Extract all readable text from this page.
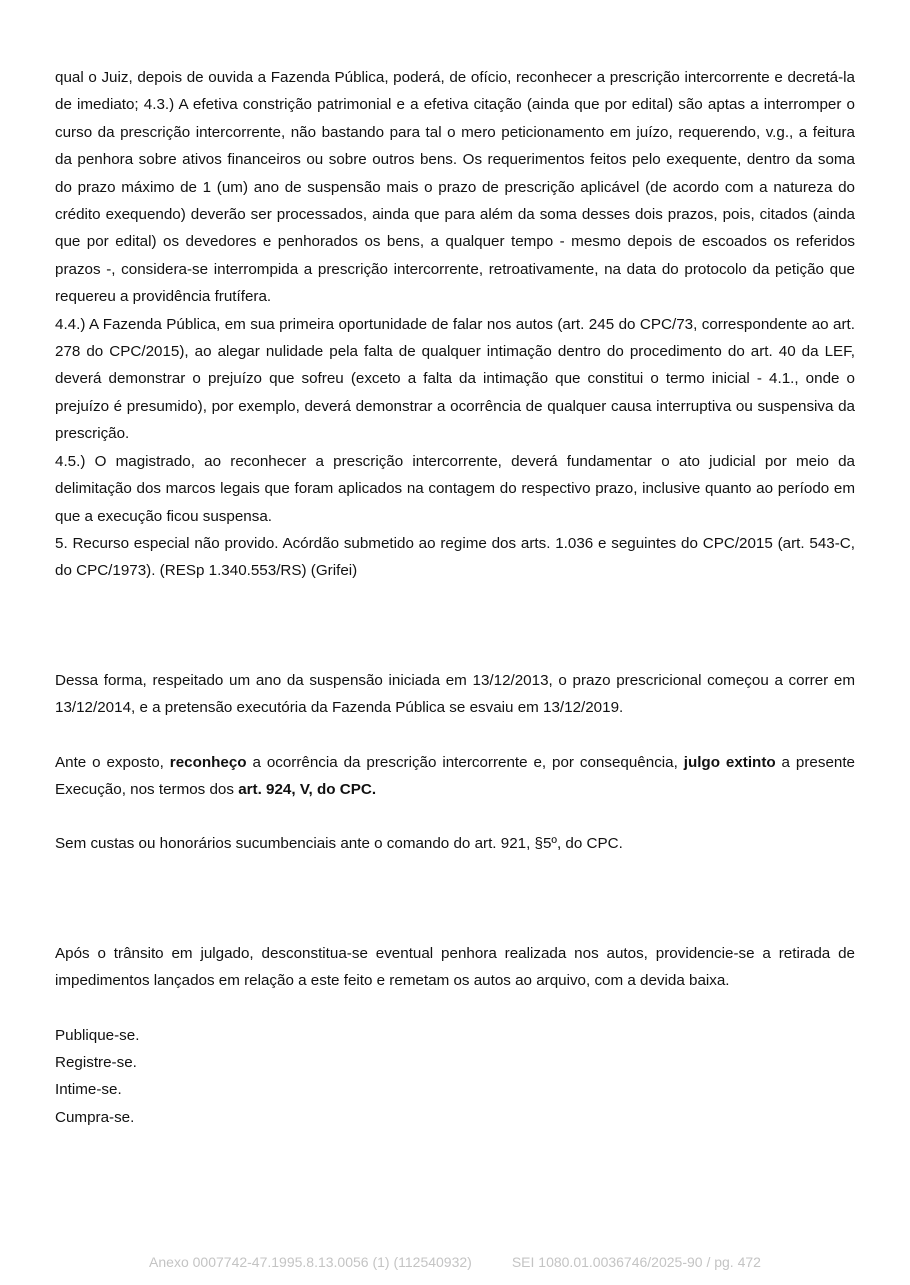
qual o Juiz, depois de ouvida a Fazenda Pública, poderá, de ofício, reconhecer a prescrição intercorrente e decretá-la de imediato; 4.3.) A efetiva constrição patrimonial e a efetiva citação (ainda que por edital) são aptas a interromper o curso da prescrição intercorrente, não bastando para tal o mero peticionamento em juízo, requerendo, v.g., a feitura da penhora sobre ativos financeiros ou sobre outros bens. Os requerimentos feitos pelo exequente, dentro da soma do prazo máximo de 1 (um) ano de suspensão mais o prazo de prescrição aplicável (de acordo com a natureza do crédito exequendo) deverão ser processados, ainda que para além da soma desses dois prazos, pois, citados (ainda que por edital) os devedores e penhorados os bens, a qualquer tempo - mesmo depois de escoados os referidos prazos -, considera-se interrompida a prescrição intercorrente, retroativamente, na data do protocolo da petição que requereu a providência frutífera.

4.4.) A Fazenda Pública, em sua primeira oportunidade de falar nos autos (art. 245 do CPC/73, correspondente ao art. 278 do CPC/2015), ao alegar nulidade pela falta de qualquer intimação dentro do procedimento do art. 40 da LEF, deverá demonstrar o prejuízo que sofreu (exceto a falta da intimação que constitui o termo inicial - 4.1., onde o prejuízo é presumido), por exemplo, deverá demonstrar a ocorrência de qualquer causa interruptiva ou suspensiva da prescrição.

4.5.) O magistrado, ao reconhecer a prescrição intercorrente, deverá fundamentar o ato judicial por meio da delimitação dos marcos legais que foram aplicados na contagem do respectivo prazo, inclusive quanto ao período em que a execução ficou suspensa.

5. Recurso especial não provido. Acórdão submetido ao regime dos arts. 1.036 e seguintes do CPC/2015 (art. 543-C, do CPC/1973). (RESp 1.340.553/RS) (Grifei)

Dessa forma, respeitado um ano da suspensão iniciada em 13/12/2013, o prazo prescricional começou a correr em 13/12/2014, e a pretensão executória da Fazenda Pública se esvaiu em 13/12/2019.

Ante o exposto, reconheço a ocorrência da prescrição intercorrente e, por consequência, julgo extinto a presente Execução, nos termos dos art. 924, V, do CPC.

Sem custas ou honorários sucumbenciais ante o comando do art. 921, §5º, do CPC.

Após o trânsito em julgado, desconstitua-se eventual penhora realizada nos autos, providencie-se a retirada de impedimentos lançados em relação a este feito e remetam os autos ao arquivo, com a devida baixa.

Publique-se.
Registre-se.
Intime-se.
Cumpra-se.
Anexo 0007742-47.1995.8.13.0056 (1) (112540932)	SEI 1080.01.0036746/2025-90 / pg. 472
